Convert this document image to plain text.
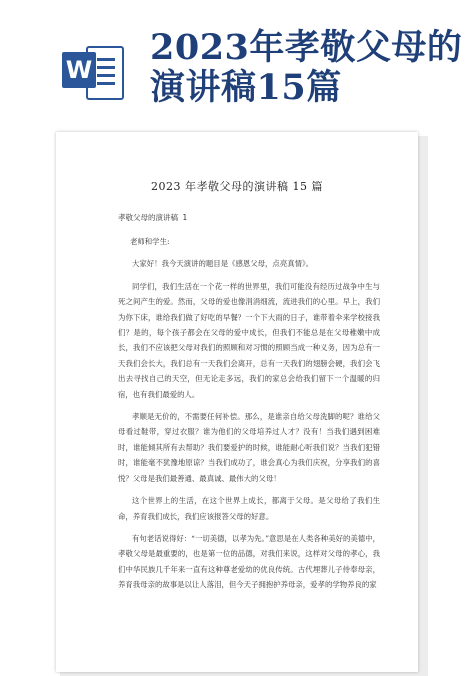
W
2023年孝敬父母的演讲稿15篇
2023 年孝敬父母的演讲稿 15 篇
孝敬父母的演讲稿 1

老师和学生:

大家好！我今天演讲的题目是《感恩父母，点亮真情》。

同学们，我们生活在一个花一样的世界里，我们可能没有经历过战争中生与死之间产生的爱。然而，父母的爱也像涓涓细流，流进我们的心里。早上，我们为你下床，谁给我们做了好吃的早餐？一个下大雨的日子，谁带着伞来学校接我们？是的，每个孩子都会在父母的爱中成长，但我们不能总是在父母稚嫩中成长，我们不应该把父母对我们的照顾和对习惯的照顾当成一种义务，因为总有一天我们会长大，我们总有一天我们会离开，总有一天我们的翅膀会硬，我们会飞出去寻找自己的天空，但无论走多远，我们的家总会给我们留下一个温暖的归宿，也有我们最爱的人。

孝顺是无价的，不需要任何补偿。那么，是谁亲自给父母洗脚的呢？谁给父母看过鞋带，穿过衣服？谁为他们的父母培养过人才？没有！当我们遇到困难时，谁能倾其所有去帮助？我们要爱护的时候，谁能耐心听我们说？当我们犯错时，谁能毫不犹豫地原谅？当我们成功了，谁会真心为我们庆祝，分享我们的喜悦？父母是我们最善通、最真诚、最伟大的父母！

这个世界上的生活，在这个世界上成长，都离于父母。是父母给了我们生命，养育我们成长，我们应该报答父母的好意。

有句老话说得好：“一切美德，以孝为先。”意思是在人类各种美好的美德中，孝敬父母是最重要的，也是第一位的品德，对我们来说，这样对父母的孝心，我们中华民族几千年来一直有这种尊老爱幼的优良传统。古代埋葬儿子侍奉母亲，养育我母亲的故事是以让人落泪，但今天子拥抱护养母亲，爱孝的学物养良的家
